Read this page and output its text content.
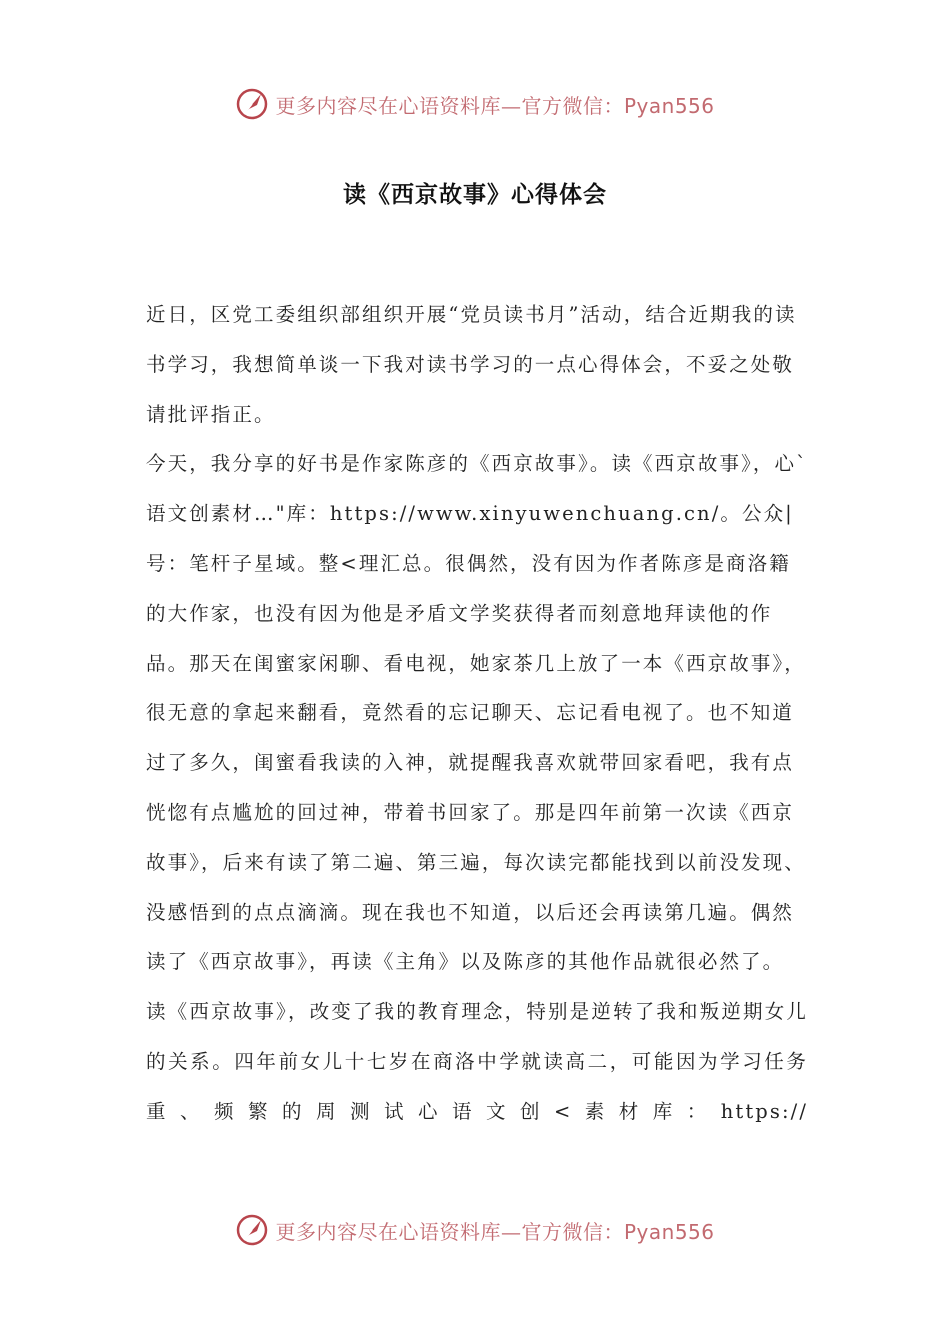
更多内容尽在心语资料库—官方微信：Pyan556
读《西京故事》心得体会

近日，区党工委组织部组织开展“党员读书月”活动，结合近期我的读书学习，我想简单谈一下我对读书学习的一点心得体会，不妥之处敬请批评指正。

今天，我分享的好书是作家陈彦的《西京故事》。读《西京故事》，心`语文创素材…"库：https://www.xinyuwenchuang.cn/。公众|号：笔杆子星域。整<理汇总。很偶然，没有因为作者陈彦是商洛籍的大作家，也没有因为他是矛盾文学奖获得者而刻意地拜读他的作品。那天在闺蜜家闲聊、看电视，她家茶几上放了一本《西京故事》，很无意的拿起来翻看，竟然看的忘记聊天、忘记看电视了。也不知道过了多久，闺蜜看我读的入神，就提醒我喜欢就带回家看吧，我有点恍惚有点尴尬的回过神，带着书回家了。那是四年前第一次读《西京故事》，后来有读了第二遍、第三遍，每次读完都能找到以前没发现、没感悟到的点点滴滴。现在我也不知道，以后还会再读第几遍。偶然读了《西京故事》，再读《主角》以及陈彦的其他作品就很必然了。

读《西京故事》，改变了我的教育理念，特别是逆转了我和叛逆期女儿的关系。四年前女儿十七岁在商洛中学就读高二，可能因为学习任务重、频繁的周测试心语文创<素材库：https://

更多内容尽在心语资料库—官方微信：Pyan556
